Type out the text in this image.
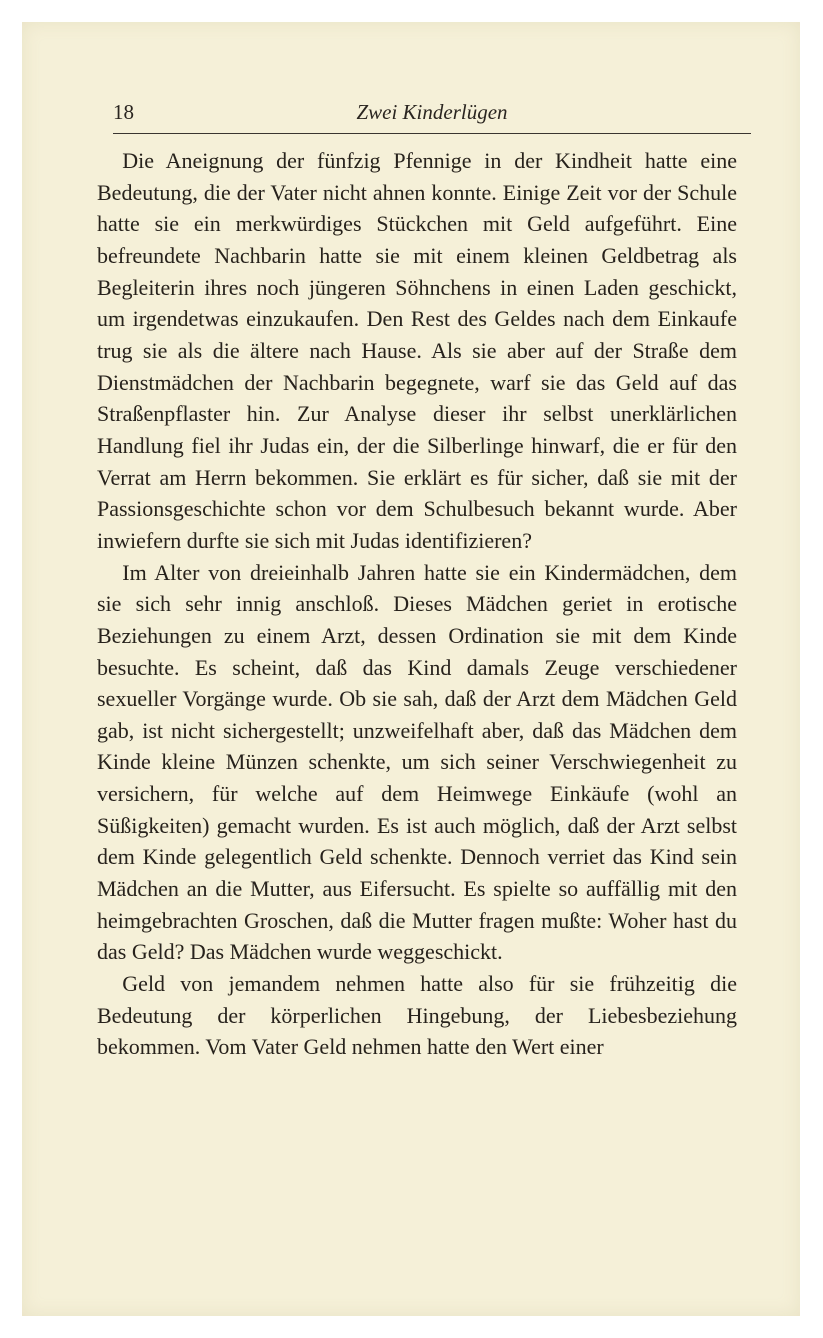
18	Zwei Kinderlügen

Die Aneignung der fünfzig Pfennige in der Kindheit hatte eine Bedeutung, die der Vater nicht ahnen konnte. Einige Zeit vor der Schule hatte sie ein merkwürdiges Stückchen mit Geld aufgeführt. Eine befreundete Nachbarin hatte sie mit einem kleinen Geldbetrag als Begleiterin ihres noch jüngeren Söhnchens in einen Laden geschickt, um irgendetwas einzukaufen. Den Rest des Geldes nach dem Einkaufe trug sie als die ältere nach Hause. Als sie aber auf der Straße dem Dienstmädchen der Nachbarin begegnete, warf sie das Geld auf das Straßenpflaster hin. Zur Analyse dieser ihr selbst unerklärlichen Handlung fiel ihr Judas ein, der die Silberlinge hinwarf, die er für den Verrat am Herrn bekommen. Sie erklärt es für sicher, daß sie mit der Passionsgeschichte schon vor dem Schulbesuch bekannt wurde. Aber inwiefern durfte sie sich mit Judas identifizieren?

Im Alter von dreieinhalb Jahren hatte sie ein Kindermädchen, dem sie sich sehr innig anschloß. Dieses Mädchen geriet in erotische Beziehungen zu einem Arzt, dessen Ordination sie mit dem Kinde besuchte. Es scheint, daß das Kind damals Zeuge verschiedener sexueller Vorgänge wurde. Ob sie sah, daß der Arzt dem Mädchen Geld gab, ist nicht sichergestellt; unzweifelhaft aber, daß das Mädchen dem Kinde kleine Münzen schenkte, um sich seiner Verschwiegenheit zu versichern, für welche auf dem Heimwege Einkäufe (wohl an Süßigkeiten) gemacht wurden. Es ist auch möglich, daß der Arzt selbst dem Kinde gelegentlich Geld schenkte. Dennoch verriet das Kind sein Mädchen an die Mutter, aus Eifersucht. Es spielte so auffällig mit den heimgebrachten Groschen, daß die Mutter fragen mußte: Woher hast du das Geld? Das Mädchen wurde weggeschickt.

Geld von jemandem nehmen hatte also für sie frühzeitig die Bedeutung der körperlichen Hingebung, der Liebesbeziehung bekommen. Vom Vater Geld nehmen hatte den Wert einer
